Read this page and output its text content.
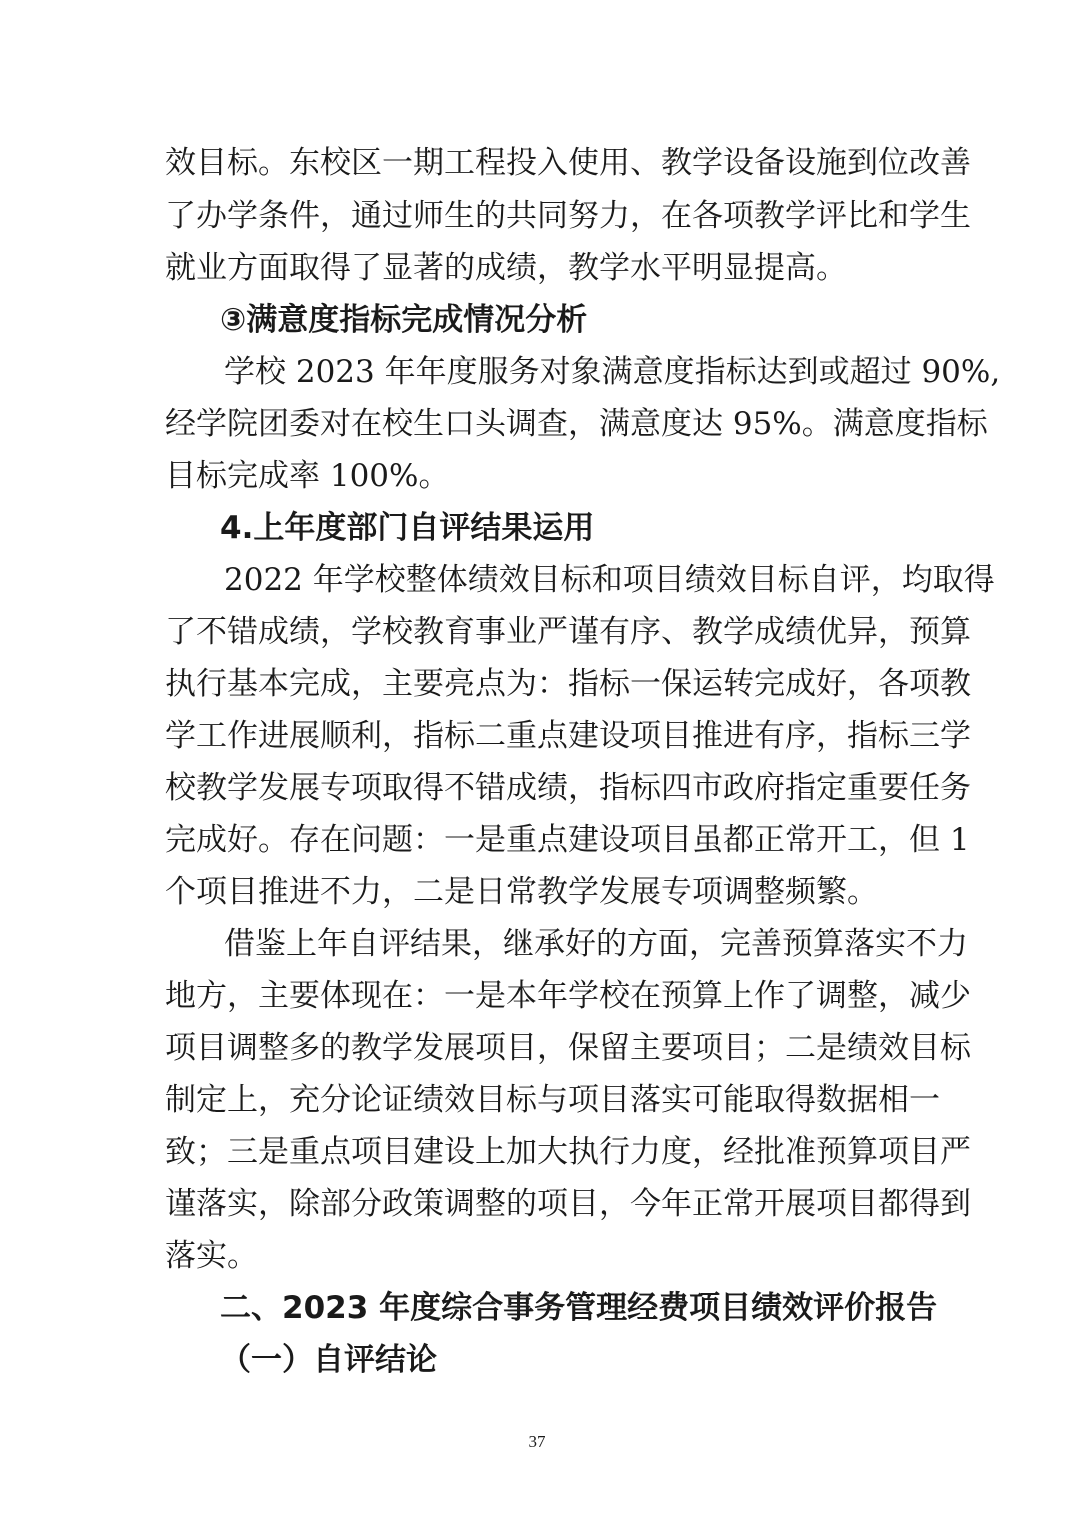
效目标。东校区一期工程投入使用、教学设备设施到位改善
了办学条件，通过师生的共同努力，在各项教学评比和学生
就业方面取得了显著的成绩，教学水平明显提高。
③满意度指标完成情况分析
学校 2023 年年度服务对象满意度指标达到或超过 90%,
经学院团委对在校生口头调查，满意度达 95%。满意度指标
目标完成率 100%。
4.上年度部门自评结果运用
2022 年学校整体绩效目标和项目绩效目标自评，均取得
了不错成绩，学校教育事业严谨有序、教学成绩优异，预算
执行基本完成，主要亮点为：指标一保运转完成好，各项教
学工作进展顺利，指标二重点建设项目推进有序，指标三学
校教学发展专项取得不错成绩，指标四市政府指定重要任务
完成好。存在问题：一是重点建设项目虽都正常开工，但 1
个项目推进不力，二是日常教学发展专项调整频繁。
借鉴上年自评结果，继承好的方面，完善预算落实不力
地方，主要体现在：一是本年学校在预算上作了调整，减少
项目调整多的教学发展项目，保留主要项目；二是绩效目标
制定上，充分论证绩效目标与项目落实可能取得数据相一
致；三是重点项目建设上加大执行力度，经批准预算项目严
谨落实，除部分政策调整的项目，今年正常开展项目都得到
落实。
二、2023 年度综合事务管理经费项目绩效评价报告
（一）自评结论
37
